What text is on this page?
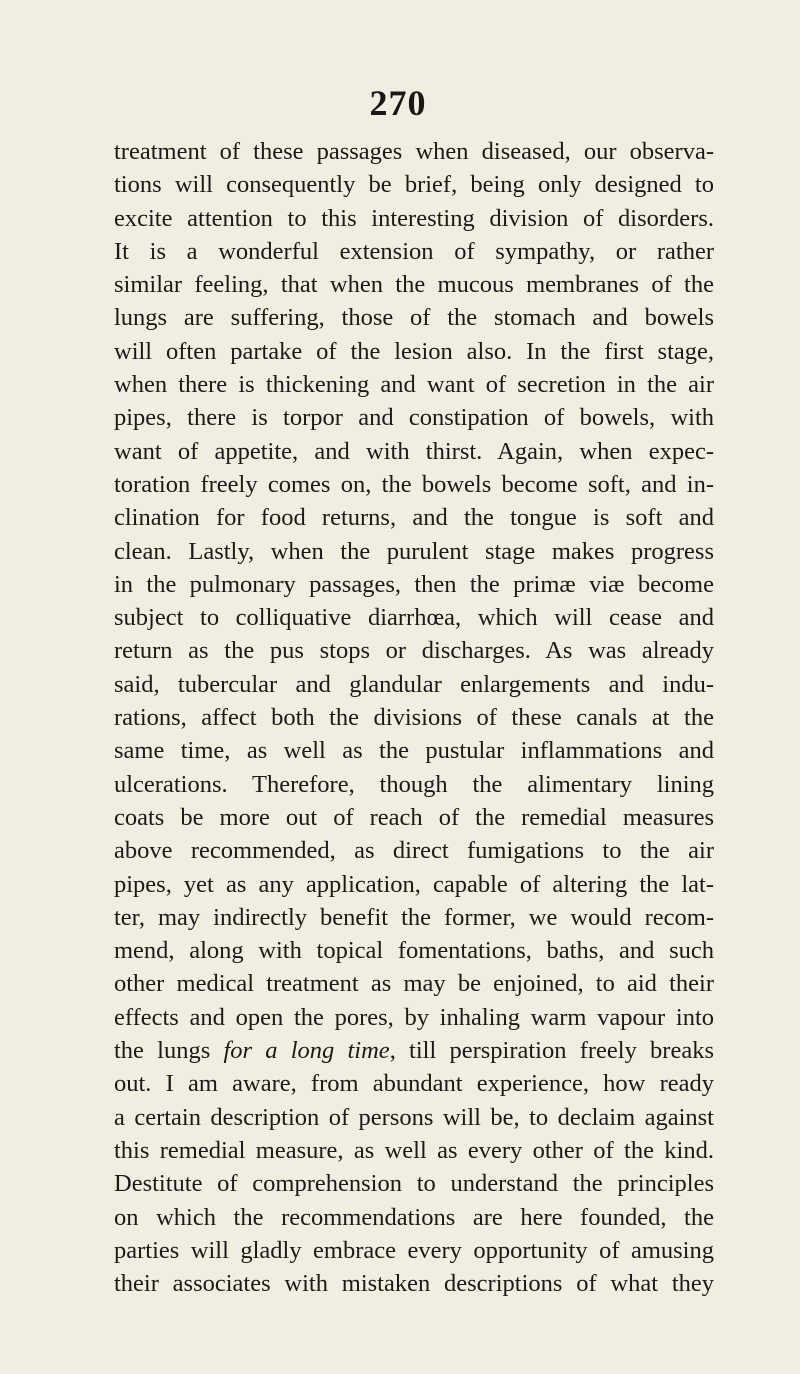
270
treatment of these passages when diseased, our observa-
tions will consequently be brief, being only designed to
excite attention to this interesting division of disorders.
It is a wonderful extension of sympathy, or rather
similar feeling, that when the mucous membranes of the
lungs are suffering, those of the stomach and bowels
will often partake of the lesion also. In the first stage,
when there is thickening and want of secretion in the air
pipes, there is torpor and constipation of bowels, with
want of appetite, and with thirst. Again, when expec-
toration freely comes on, the bowels become soft, and in-
clination for food returns, and the tongue is soft and
clean. Lastly, when the purulent stage makes progress
in the pulmonary passages, then the primæ viæ become
subject to colliquative diarrhœa, which will cease and
return as the pus stops or discharges. As was already
said, tubercular and glandular enlargements and indu-
rations, affect both the divisions of these canals at the
same time, as well as the pustular inflammations and
ulcerations. Therefore, though the alimentary lining
coats be more out of reach of the remedial measures
above recommended, as direct fumigations to the air
pipes, yet as any application, capable of altering the lat-
ter, may indirectly benefit the former, we would recom-
mend, along with topical fomentations, baths, and such
other medical treatment as may be enjoined, to aid their
effects and open the pores, by inhaling warm vapour into
the lungs for a long time, till perspiration freely breaks
out. I am aware, from abundant experience, how ready
a certain description of persons will be, to declaim against
this remedial measure, as well as every other of the kind.
Destitute of comprehension to understand the principles
on which the recommendations are here founded, the
parties will gladly embrace every opportunity of amusing
their associates with mistaken descriptions of what they
